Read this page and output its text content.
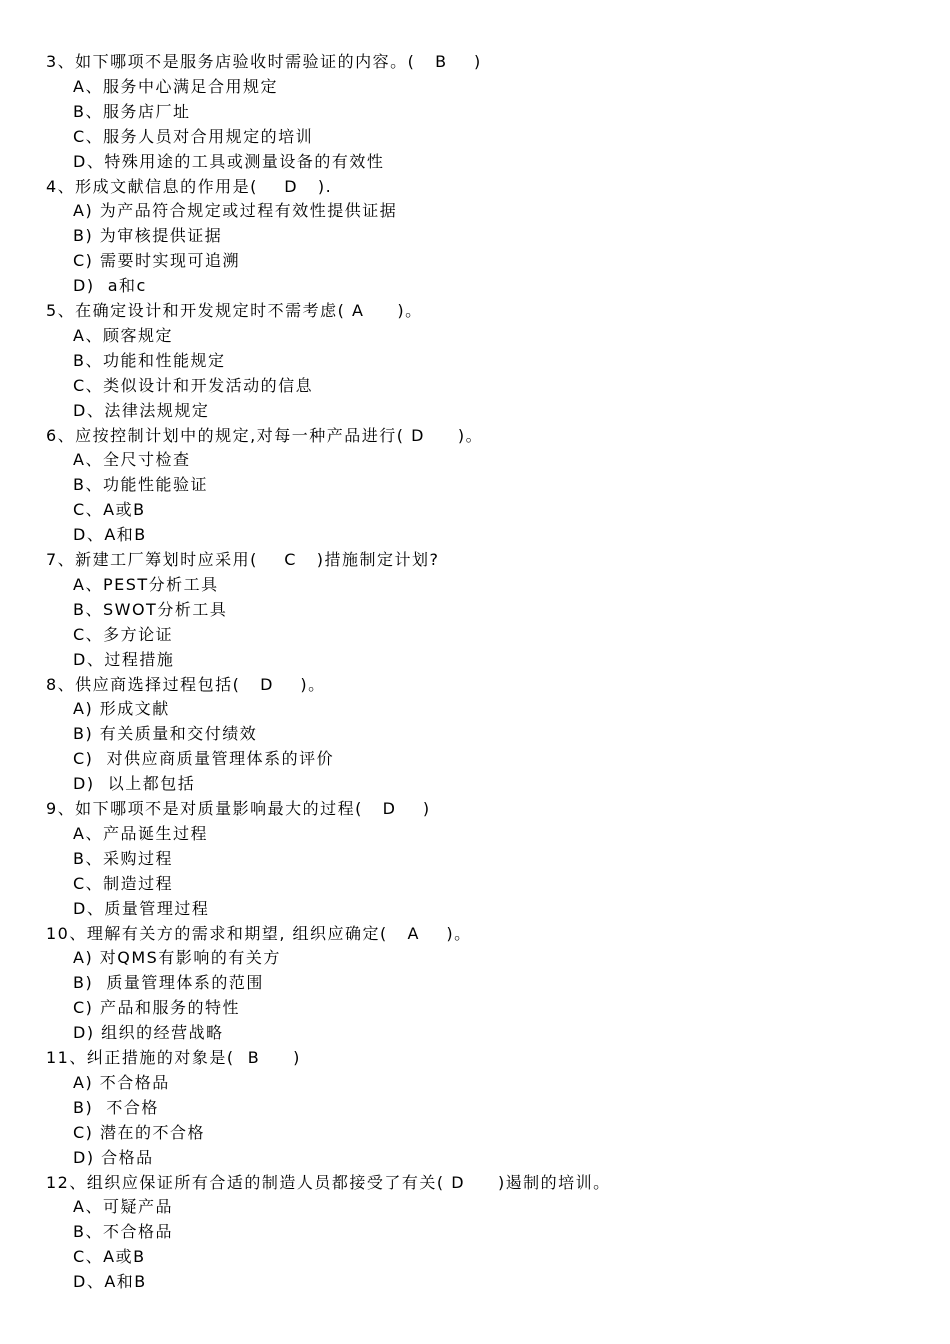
3、如下哪项不是服务店验收时需验证的内容。(   B    )
A、服务中心满足合用规定
B、服务店厂址
C、服务人员对合用规定的培训
D、特殊用途的工具或测量设备的有效性
4、形成文献信息的作用是(    D   ).
A) 为产品符合规定或过程有效性提供证据
B) 为审核提供证据
C) 需要时实现可追溯
D)  a和c
5、在确定设计和开发规定时不需考虑( A     )。
A、顾客规定
B、功能和性能规定
C、类似设计和开发活动的信息
D、法律法规规定
6、应按控制计划中的规定,对每一种产品进行( D     )。
A、全尺寸检查
B、功能性能验证
C、A或B
D、A和B
7、新建工厂筹划时应采用(    C   )措施制定计划?
A、PEST分析工具
B、SWOT分析工具
C、多方论证
D、过程措施
8、供应商选择过程包括(   D    )。
A) 形成文献
B) 有关质量和交付绩效
C)  对供应商质量管理体系的评价
D)  以上都包括
9、如下哪项不是对质量影响最大的过程(   D    )
A、产品诞生过程
B、采购过程
C、制造过程
D、质量管理过程
10、理解有关方的需求和期望, 组织应确定(   A    )。
A) 对QMS有影响的有关方
B)  质量管理体系的范围
C) 产品和服务的特性
D) 组织的经营战略
11、纠正措施的对象是(  B     )
A) 不合格品
B)  不合格
C) 潜在的不合格
D) 合格品
12、组织应保证所有合适的制造人员都接受了有关( D     )遏制的培训。
A、可疑产品
B、不合格品
C、A或B
D、A和B
